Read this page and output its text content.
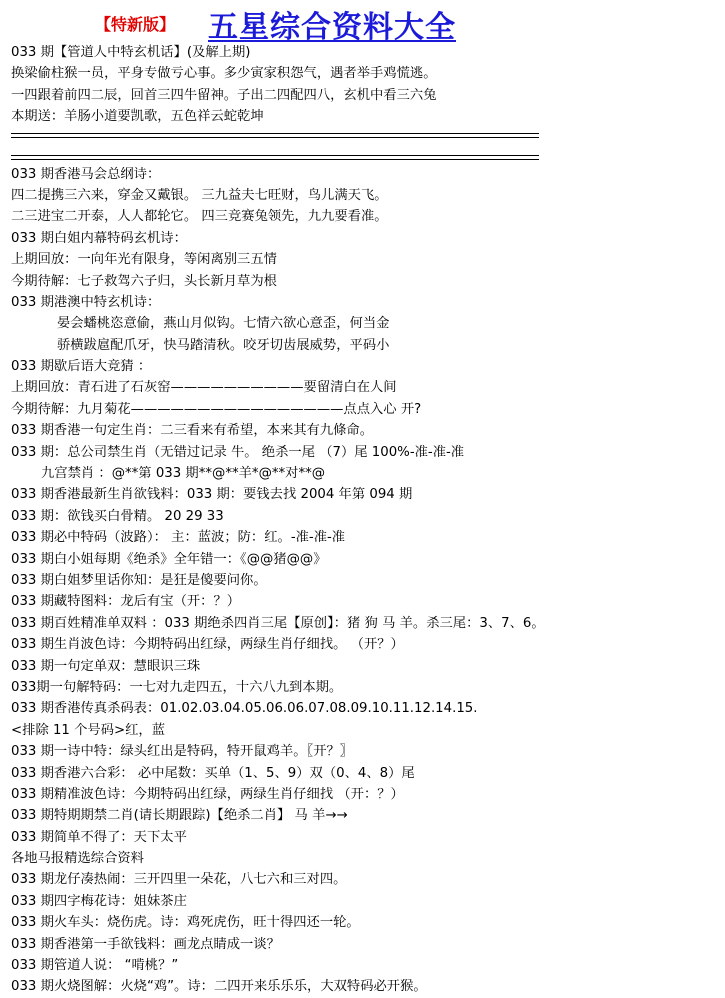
【特新版】 五星综合资料大全
033 期【管道人中特玄机话】(及解上期)
换梁偷柱猴一员，平身专做亏心事。多少寅家积怨气，遇者举手鸡慌逃。
一四跟着前四二辰，回首三四牛留神。子出二四配四八，玄机中看三六兔
本期送：羊肠小道要凯歌，五色祥云蛇乾坤
033 期香港马会总纲诗：
四二提携三六来，穿金又戴银。 三九益夫七旺财，鸟儿满天飞。
二三进宝二开泰，人人都轮它。 四三竞赛兔领先，九九要看准。
033 期白姐内幕特码玄机诗：
上期回放：一向年光有限身，等闲离别三五情
今期待解：七子救驾六子归，头长新月草为根
033 期港澳中特玄机诗：
晏会蟠桃恣意偷，燕山月似钩。七情六欲心意歪，何当金
骄横跋扈配爪牙，快马踏清秋。咬牙切齿展威势，平码小
033 期歇后语大竞猜 ：
上期回放：青石进了石灰窑——————————要留清白在人间
今期待解：九月菊花————————————————点点入心 开?
033 期香港一句定生肖：二三看来有希望，本来其有九條命。
033 期：总公司禁生肖（无错过记录 牛。 绝杀一尾 （7）尾 100%-准-准-准
九宫禁肖 ：@**第 033 期**@**羊*@**对**@
033 期香港最新生肖欲钱料：033 期：要钱去找 2004 年第 094 期
033 期：欲钱买白骨精。 20 29 33
033 期必中特码（波路）： 主：蓝波；防：红。-准-准-准
033 期白小姐每期《绝杀》全年错一：《@@猪@@》
033 期白姐梦里话你知：是狂是傻要问你。
033 期藏特图料：龙后有宝（开：？）
033 期百姓精准单双料 ：033 期绝杀四肖三尾【原创】：猪 狗 马 羊。杀三尾：3、7、6。
033 期生肖波色诗：今期特码出红绿，两绿生肖仔细找。 （开？）
033 期一句定单双：慧眼识三珠
033期一句解特码：一七对九走四五，十六八九到本期。
033 期香港传真杀码表：01.02.03.04.05.06.06.07.08.09.10.11.12.14.15.
<排除 11 个号码>红，蓝
033 期一诗中特：绿头红出是特码，特开鼠鸡羊。〖开？〗
033 期香港六合彩： 必中尾数：买单（1、5、9）双（0、4、8）尾
033 期精准波色诗：今期特码出红绿，两绿生肖仔细找 （开：？）
033 期特期期禁二肖(请长期跟踪)【绝杀二肖】 马 羊→→
033 期简单不得了：天下太平
各地马报精选综合资料
033 期龙仔凑热闹：三开四里一朵花，八七六和三对四。
033 期四字梅花诗：姐妹茶庄
033 期火车头：烧伤虎。诗：鸡死虎伤，旺十得四还一轮。
033 期香港第一手欲钱料：画龙点睛成一谈？
033 期管道人说： “啃桃？”
033 期火烧图解：火烧“鸡”。诗：二四开来乐乐乐，大双特码必开猴。
